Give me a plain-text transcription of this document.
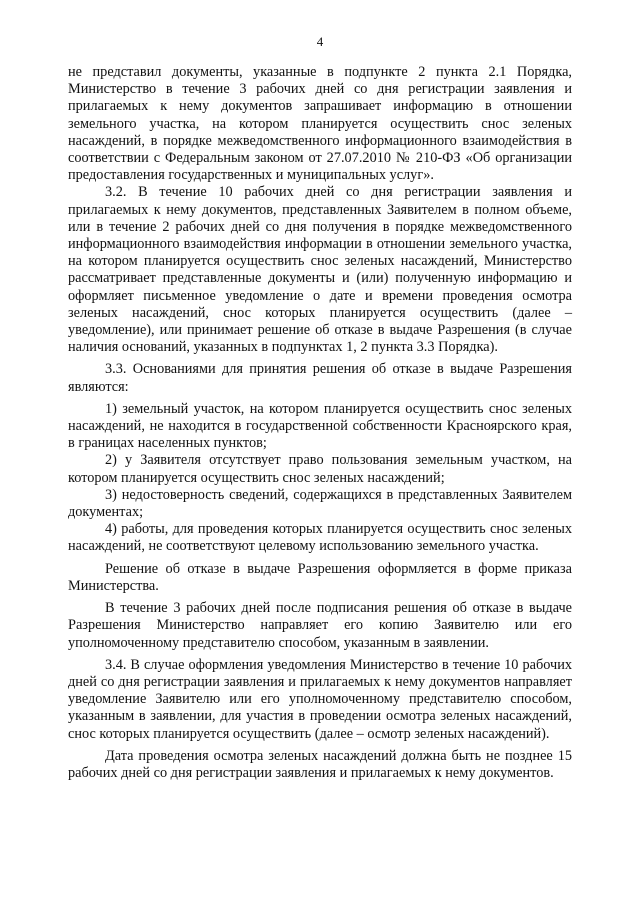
4

не представил документы, указанные в подпункте 2 пункта 2.1 Порядка, Министерство в течение 3 рабочих дней со дня регистрации заявления и прилагаемых к нему документов запрашивает информацию в отношении земельного участка, на котором планируется осуществить снос зеленых насаждений, в порядке межведомственного информационного взаимодействия в соответствии с Федеральным законом от 27.07.2010 № 210-ФЗ «Об организации предоставления государственных и муниципальных услуг».

3.2. В течение 10 рабочих дней со дня регистрации заявления и прилагаемых к нему документов, представленных Заявителем в полном объеме, или в течение 2 рабочих дней со дня получения в порядке межведомственного информационного взаимодействия информации в отношении земельного участка, на котором планируется осуществить снос зеленых насаждений, Министерство рассматривает представленные документы и (или) полученную информацию и оформляет письменное уведомление о дате и времени проведения осмотра зеленых насаждений, снос которых планируется осуществить (далее – уведомление), или принимает решение об отказе в выдаче Разрешения (в случае наличия оснований, указанных в подпунктах 1, 2 пункта 3.3 Порядка).

3.3. Основаниями для принятия решения об отказе в выдаче Разрешения являются:

1) земельный участок, на котором планируется осуществить снос зеленых насаждений, не находится в государственной собственности Красноярского края, в границах населенных пунктов;

2) у Заявителя отсутствует право пользования земельным участком, на котором планируется осуществить снос зеленых насаждений;

3) недостоверность сведений, содержащихся в представленных Заявителем документах;

4) работы, для проведения которых планируется осуществить снос зеленых насаждений, не соответствуют целевому использованию земельного участка.

Решение об отказе в выдаче Разрешения оформляется в форме приказа Министерства.

В течение 3 рабочих дней после подписания решения об отказе в выдаче Разрешения Министерство направляет его копию Заявителю или его уполномоченному представителю способом, указанным в заявлении.

3.4. В случае оформления уведомления Министерство в течение 10 рабочих дней со дня регистрации заявления и прилагаемых к нему документов направляет уведомление Заявителю или его уполномоченному представителю способом, указанным в заявлении, для участия в проведении осмотра зеленых насаждений, снос которых планируется осуществить (далее – осмотр зеленых насаждений).

Дата проведения осмотра зеленых насаждений должна быть не позднее 15 рабочих дней со дня регистрации заявления и прилагаемых к нему документов.
